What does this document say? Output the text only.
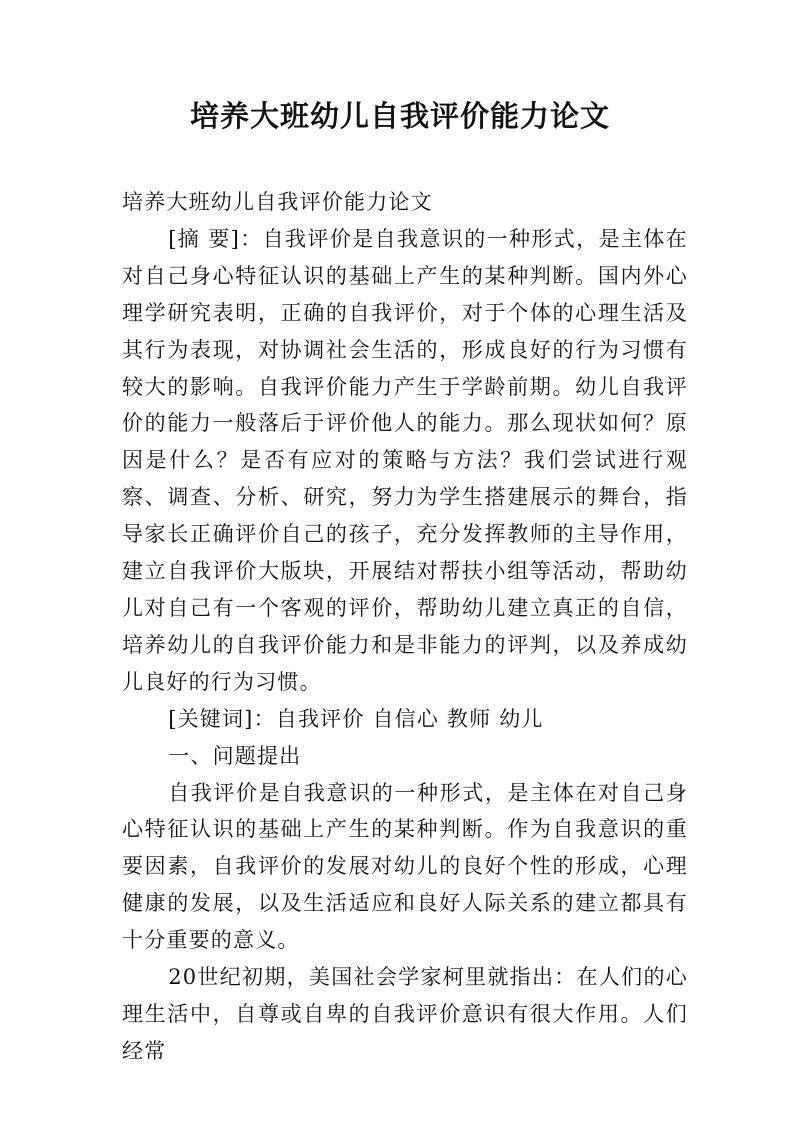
培养大班幼儿自我评价能力论文

培养大班幼儿自我评价能力论文

[摘 要]：自我评价是自我意识的一种形式，是主体在对自己身心特征认识的基础上产生的某种判断。国内外心理学研究表明，正确的自我评价，对于个体的心理生活及其行为表现，对协调社会生活的，形成良好的行为习惯有较大的影响。自我评价能力产生于学龄前期。幼儿自我评价的能力一般落后于评价他人的能力。那么现状如何？原因是什么？是否有应对的策略与方法？我们尝试进行观察、调查、分析、研究，努力为学生搭建展示的舞台，指导家长正确评价自己的孩子，充分发挥教师的主导作用，建立自我评价大版块，开展结对帮扶小组等活动，帮助幼儿对自己有一个客观的评价，帮助幼儿建立真正的自信，培养幼儿的自我评价能力和是非能力的评判，以及养成幼儿良好的行为习惯。

[关键词]：自我评价 自信心 教师 幼儿

一、问题提出

自我评价是自我意识的一种形式，是主体在对自己身心特征认识的基础上产生的某种判断。作为自我意识的重要因素，自我评价的发展对幼儿的良好个性的形成，心理健康的发展，以及生活适应和良好人际关系的建立都具有十分重要的意义。

20世纪初期，美国社会学家柯里就指出：在人们的心理生活中，自尊或自卑的自我评价意识有很大作用。人们经常
